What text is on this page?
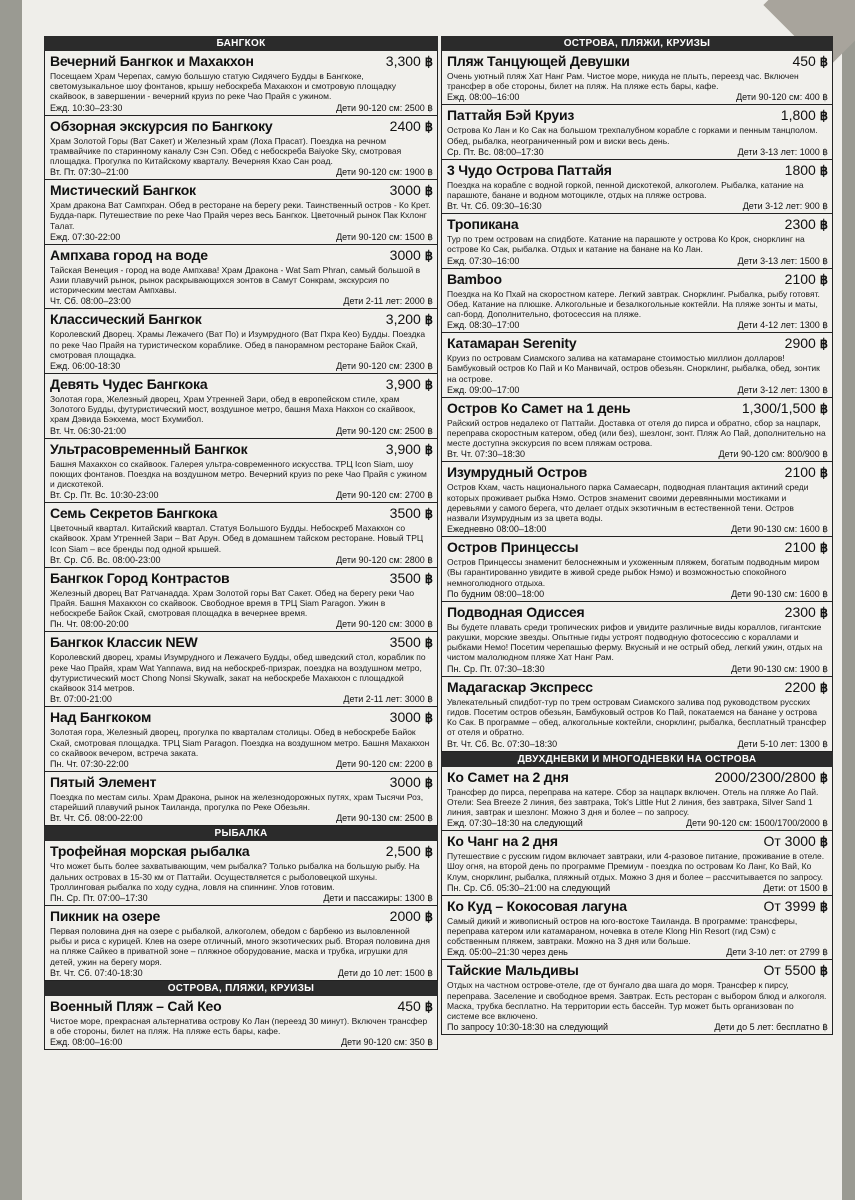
БАНГКОК
Вечерний Бангкок и Махакхон	3,300 ฿
Посещаем Храм Черепах, самую большую статую Сидячего Будды в Бангкоке, светомузыкальное шоу фонтанов, крышу небоскреба Махакхон и смотровую площадку скайвоок, в завершении - вечерний круиз по реке Чао Прайя с ужином.
Ежд. 10:30–23:30	Дети 90-120 см: 2500 ฿
Обзорная экскурсия по Бангкоку	2400 ฿
Храм Золотой Горы (Ват Сакет) и Железный храм (Лоха Прасат). Поездка на речном трамвайчике по старинному каналу Сэн Сэп. Обед с небоскреба Baiyoke Sky, смотровая площадка. Прогулка по Китайскому кварталу. Вечерняя Кхао Сан роад.
Вт. Пт. 07:30–21:00	Дети 90-120 см: 1900 ฿
Мистический Бангкок	3000 ฿
Храм дракона Ват Сампхран. Обед в ресторане на берегу реки. Таинственный остров - Ко Крет. Будда-парк. Путешествие по реке Чао Прайя через весь Бангкок. Цветочный рынок Пак Кхлонг Талат.
Ежд. 07:30-22:00	Дети 90-120 см: 1500 ฿
Ампхава город на воде	3000 ฿
Тайская Венеция - город на воде Ампхава! Храм Дракона - Wat Sam Phran, самый большой в Азии плавучий рынок, рынок раскрывающихся зонтов в Самут Сонкрам, экскурсия по историческим местам Ампхавы.
Чт. Сб. 08:00–23:00	Дети 2-11 лет: 2000 ฿
Классический Бангкок	3,200 ฿
Королевский Дворец. Храмы Лежачего (Ват По) и Изумрудного (Ват Пхра Кео) Будды. Поездка по реке Чао Прайя на туристическом кораблике. Обед в панорамном ресторане Байок Скай, смотровая площадка.
Ежд. 06:00-18:30	Дети 90-120 см: 2300 ฿
Девять Чудес Бангкока	3,900 ฿
Золотая гора, Железный дворец, Храм Утренней Зари, обед в европейском стиле, храм Золотого Будды, футуристический мост, воздушное метро, башня Маха Накхон со скайвоок, храм Дэвида Бэкхема, мост Бхумибол.
Вт. Чт. 06:30-21:00	Дети 90-120 см: 2500 ฿
Ультрасовременный Бангкок	3,900 ฿
Башня Махакхон со скайвоок. Галерея ультра-современного искусства. ТРЦ Icon Siam, шоу поющих фонтанов. Поездка на воздушном метро. Вечерний круиз по реке Чао Прайя с ужином и дискотекой.
Вт. Ср. Пт. Вс. 10:30-23:00	Дети 90-120 см: 2700 ฿
Семь Секретов Бангкока	3500 ฿
Цветочный квартал. Китайский квартал. Статуя Большого Будды. Небоскреб Махакхон со скайвоок. Храм Утренней Зари – Ват Арун. Обед в домашнем тайском ресторане. Новый ТРЦ Icon Siam – все бренды под одной крышей.
Вт. Ср. Сб. Вс. 08:00-23:00	Дети 90-120 см: 2800 ฿
Бангкок Город Контрастов	3500 ฿
Железный дворец Ват Ратчанадда. Храм Золотой горы Ват Сакет. Обед на берегу реки Чао Прайя. Башня Махакхон со скайвоок. Свободное время в ТРЦ Siam Paragon. Ужин в небоскребе Байок Скай, смотровая площадка в вечернее время.
Пн. Чт. 08:00-20:00	Дети 90-120 см: 3000 ฿
Бангкок Классик NEW	3500 ฿
Королевский дворец, храмы Изумрудного и Лежачего Будды, обед шведский стол, кораблик по реке Чао Прайя, храм Wat Yannawa, вид на небоскреб-призрак, поездка на воздушном метро, футуристический мост Chong Nonsi Skywalk, закат на небоскребе Махакхон с площадкой скайвоок 314 метров.
Вт. 07:00-21:00	Дети 2-11 лет: 3000 ฿
Над Бангкоком	3000 ฿
Золотая гора, Железный дворец, прогулка по кварталам столицы. Обед в небоскребе Байок Скай, смотровая площадка. ТРЦ Siam Paragon. Поездка на воздушном метро. Башня Махакхон со скайвоок вечером, встреча заката.
Пн. Чт. 07:30-22:00	Дети 90-120 см: 2200 ฿
Пятый Элемент	3000 ฿
Поездка по местам силы. Храм Дракона, рынок на железнодорожных путях, храм Тысячи Роз, старейший плавучий рынок Таиланда, прогулка по Реке Обезьян.
Вт. Чт. Сб. 08:00-22:00	Дети 90-130 см: 2500 ฿
РЫБАЛКА
Трофейная морская рыбалка	2,500 ฿
Что может быть более захватывающим, чем рыбалка? Только рыбалка на большую рыбу. На дальних островах в 15-30 км от Паттайи. Осуществляется с рыболовецкой шхуны. Троллинговая рыбалка по ходу судна, ловля на спиннинг. Улов готовим.
Пн. Ср. Пт. 07:00–17:30	Дети и пассажиры: 1300 ฿
Пикник на озере	2000 ฿
Первая половина дня на озере с рыбалкой, алкоголем, обедом с барбекю из выловленной рыбы и риса с курицей. Клев на озере отличный, много экзотических рыб. Вторая половина дня на пляже Сайкео в приватной зоне – пляжное оборудование, маска и трубка, игрушки для детей, ужин на берегу моря.
Вт. Чт. Сб. 07:40-18:30	Дети до 10 лет: 1500 ฿
ОСТРОВА, ПЛЯЖИ, КРУИЗЫ
Военный Пляж – Сай Кео	450 ฿
Чистое море, прекрасная альтернатива острову Ко Лан (переезд 30 минут). Включен трансфер в обе стороны, билет на пляж. На пляже есть бары, кафе.
Ежд. 08:00–16:00	Дети 90-120 см: 350 ฿
ОСТРОВА, ПЛЯЖИ, КРУИЗЫ
Пляж Танцующей Девушки	450 ฿
Очень уютный пляж Хат Нанг Рам. Чистое море, никуда не плыть, переезд час. Включен трансфер в обе стороны, билет на пляж. На пляже есть бары, кафе.
Ежд. 08:00–16:00	Дети 90-120 см: 400 ฿
Паттайя Бэй Круиз	1,800 ฿
Острова Ко Лан и Ко Сак на большом трехпалубном корабле с горками и пенным танцполом. Обед, рыбалка, неограниченный ром и виски весь день.
Ср. Пт. Вс. 08:00–17:30	Дети 3-13 лет: 1000 ฿
3 Чудо Острова Паттайя	1800 ฿
Поездка на корабле с водной горкой, пенной дискотекой, алкоголем. Рыбалка, катание на парашюте, банане и водном мотоцикле, отдых на пляже острова.
Вт. Чт. Сб. 09:30–16:30	Дети 3-12 лет: 900 ฿
Тропикана	2300 ฿
Тур по трем островам на спидботе. Катание на парашюте у острова Ко Крок, снорклинг на острове Ко Сак, рыбалка. Отдых и катание на банане на Ко Лан.
Ежд. 07:30–16:00	Дети 3-13 лет: 1500 ฿
Bamboo	2100 ฿
Поездка на Ко Пхай на скоростном катере. Легкий завтрак. Снорклинг. Рыбалка, рыбу готовят. Обед. Катание на плюшке. Алкогольные и безалкогольные коктейли. На пляже зонты и маты, сап-борд. Дополнительно, фотосессия на пляже.
Ежд. 08:30–17:00	Дети 4-12 лет: 1300 ฿
Катамаран Serenity	2900 ฿
Круиз по островам Сиамского залива на катамаране стоимостью миллион долларов! Бамбуковый остров Ко Пай и Ко Манвичай, остров обезьян. Снорклинг, рыбалка, обед, зонтик на острове.
Ежд. 09:00–17:00	Дети 3-12 лет: 1300 ฿
Остров Ко Самет на 1 день	1,300/1,500 ฿
Райский остров недалеко от Паттайи. Доставка от отеля до пирса и обратно, сбор за нацпарк, переправа скоростным катером, обед (или без), шезлонг, зонт. Пляж Ао Пай, дополнительно на месте доступна экскурсия по всем пляжам острова.
Вт. Чт. 07:30–18:30	Дети 90-120 см: 800/900 ฿
Изумрудный Остров	2100 ฿
Остров Кхам, часть национального парка Самаесарн, подводная плантация актиний среди которых проживает рыбка Нэмо. Остров знаменит своими деревянными мостиками и деревьями у самого берега, что делает отдых экзотичным в естественной тени. Остров назвали Изумрудным из за цвета воды.
Ежедневно 08:00–18:00	Дети 90-130 см: 1600 ฿
Остров Принцессы	2100 ฿
Остров Принцессы знаменит белоснежным и ухоженным пляжем, богатым подводным миром (Вы гарантированно увидите в живой среде рыбок Нэмо) и возможностью спокойного немноголюдного отдыха.
По будним 08:00–18:00	Дети 90-130 см: 1600 ฿
Подводная Одиссея	2300 ฿
Вы будете плавать среди тропических рифов и увидите различные виды кораллов, гигантские ракушки, морские звезды. Опытные гиды устроят подводную фотосессию с кораллами и рыбками Немо! Посетим черепашью ферму. Вкусный и не острый обед, легкий ужин, отдых на чистом малолюдном пляже Хат Нанг Рам.
Пн. Ср. Пт. 07:30–18:30	Дети 90-130 см: 1900 ฿
Мадагаскар Экспресс	2200 ฿
Увлекательный спидбот-тур по трем островам Сиамского залива под руководством русских гидов. Посетим остров обезьян, Бамбуковый остров Ко Пай, покатаемся на банане у острова Ко Сак. В программе – обед, алкогольные коктейли, снорклинг, рыбалка, бесплатный трансфер от отеля и обратно.
Вт. Чт. Сб. Вс. 07:30–18:30	Дети 5-10 лет: 1300 ฿
ДВУХДНЕВКИ И МНОГОДНЕВКИ НА ОСТРОВА
Ко Самет на 2 дня	2000/2300/2800 ฿
Трансфер до пирса, переправа на катере. Сбор за нацпарк включен. Отель на пляже Ао Пай. Отели: Sea Breeze 2 линия, без завтрака, Tok's Little Hut 2 линия, без завтрака, Silver Sand 1 линия, завтрак и шезлонг. Можно 3 дня и более – по запросу.
Ежд. 07:30–18:30 на следующий	Дети 90-120 см: 1500/1700/2000 ฿
Ко Чанг на 2 дня	От 3000 ฿
Путешествие с русским гидом включает завтраки, или 4-разовое питание, проживание в отеле. Шоу огня, на второй день по программе Премиум - поездка по островам Ко Ланг, Ко Вай, Ко Клум, снорклинг, рыбалка, пляжный отдых. Можно 3 дня и более – рассчитывается по запросу.
Пн. Ср. Сб. 05:30–21:00 на следующий	Дети: от 1500 ฿
Ко Куд – Кокосовая лагуна	От 3999 ฿
Самый дикий и живописный остров на юго-востоке Таиланда. В программе: трансферы, переправа катером или катамараном, ночевка в отеле Klong Hin Resort (гид Сэм) с собственным пляжем, завтраки. Можно на 3 дня или больше.
Ежд. 05:00–21:30 через день	Дети 3-10 лет: от 2799 ฿
Тайские Мальдивы	От 5500 ฿
Отдых на частном острове-отеле, где от бунгало два шага до моря. Трансфер к пирсу, переправа. Заселение и свободное время. Завтрак. Есть ресторан с выбором блюд и алкоголя. Маска, трубка бесплатно. На территории есть бассейн. Тур может быть организован по системе все включено.
По запросу 10:30-18:30 на следующий	Дети до 5 лет: бесплатно ฿
